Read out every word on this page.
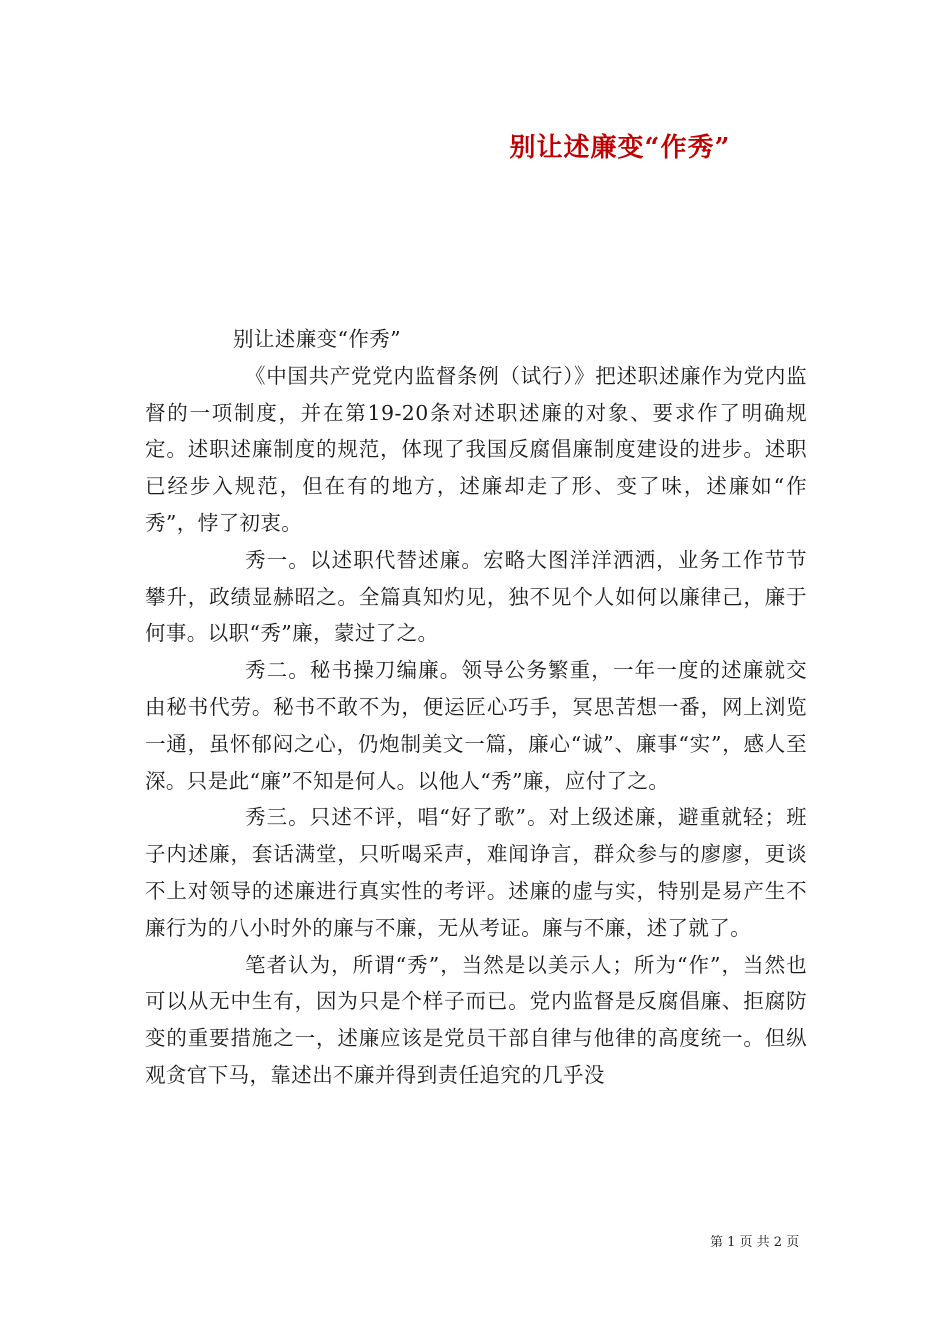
别让述廉变“作秀”

别让述廉变“作秀”

《中国共产党党内监督条例（试行）》把述职述廉作为党内监督的一项制度，并在第19-20条对述职述廉的对象、要求作了明确规定。述职述廉制度的规范，体现了我国反腐倡廉制度建设的进步。述职已经步入规范，但在有的地方，述廉却走了形、变了味，述廉如“作秀”，悖了初衷。

秀一。以述职代替述廉。宏略大图洋洋洒洒，业务工作节节攀升，政绩显赫昭之。全篇真知灼见，独不见个人如何以廉律己，廉于何事。以职“秀”廉，蒙过了之。

秀二。秘书操刀编廉。领导公务繁重，一年一度的述廉就交由秘书代劳。秘书不敢不为，便运匠心巧手，冥思苦想一番，网上浏览一通，虽怀郁闷之心，仍炮制美文一篇，廉心“诚”、廉事“实”，感人至深。只是此“廉”不知是何人。以他人“秀”廉，应付了之。

秀三。只述不评，唱“好了歌”。对上级述廉，避重就轻；班子内述廉，套话满堂，只听喝采声，难闻诤言，群众参与的廖廖，更谈不上对领导的述廉进行真实性的考评。述廉的虚与实，特别是易产生不廉行为的八小时外的廉与不廉，无从考证。廉与不廉，述了就了。

笔者认为，所谓“秀”，当然是以美示人；所为“作”，当然也可以从无中生有，因为只是个样子而已。党内监督是反腐倡廉、拒腐防变的重要措施之一，述廉应该是党员干部自律与他律的高度统一。但纵观贪官下马，靠述出不廉并得到责任追究的几乎没

第 1 页 共 2 页
